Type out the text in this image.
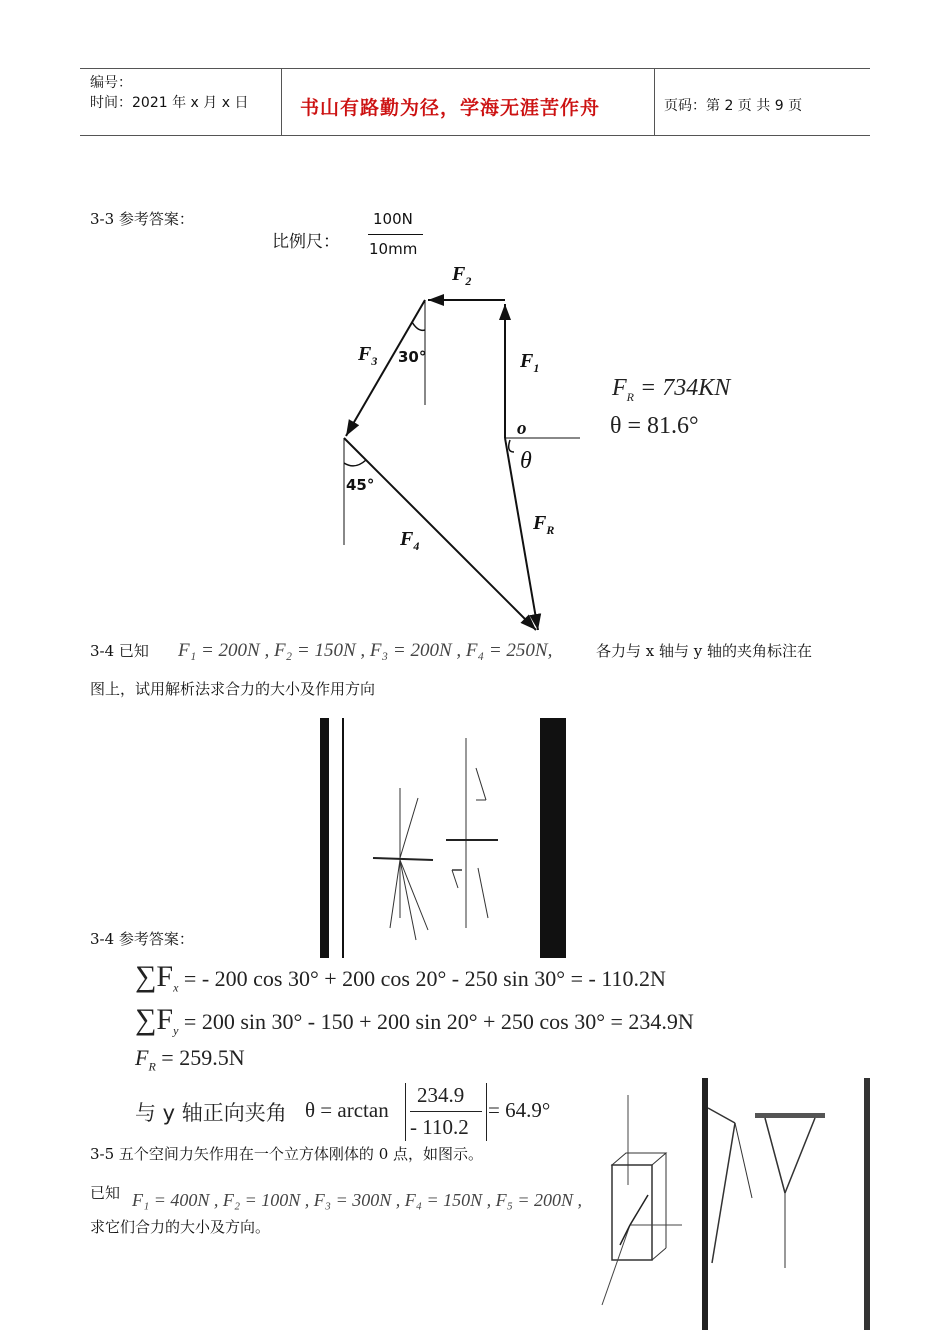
编号：
时间：2021 年 x 月 x 日	书山有路勤为径，学海无涯苦作舟	页码：第 2 页 共 9 页
3-3 参考答案：
比例尺：
100N
10mm
$F_2$
$F_1$
$F_3$
$F_4$
$F_R$
30°
45°
o
θ
$F_R = 734KN$
θ = 81.6°
3-4 已知 F₁ = 200N , F₂ = 150N , F₃ = 200N , F₄ = 250N,	各力与 x 轴与 y 轴的夹角标注在
图上，试用解析法求合力的大小及作用方向
3-4 参考答案：
$\sum F_x$ = - 200 cos 30° + 200 cos 20° - 250 sin 30° = - 110.2N
$\sum F_y = 200$ sin 30° - 150 + 200 sin 20° + 250 cos 30° = 234.9N
$F_R = 259.5N$
与 y 轴正向夹角 θ = arctan
234.9
- 110.2
= 64.9°
3-5 五个空间力矢作用在一个立方体刚体的 0 点，如图示。
已知 F₁ = 400N , F₂ = 100N , F₃ = 300N , F₄ = 150N , F₅ = 200N ,
求它们合力的大小及方向。
